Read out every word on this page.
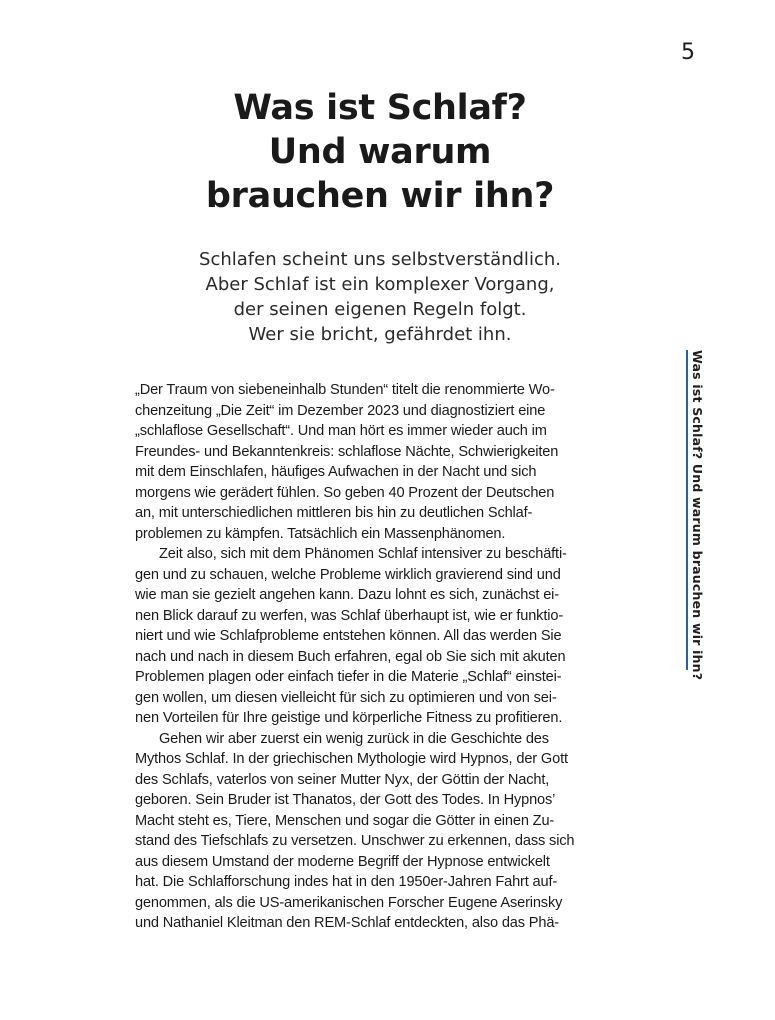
5
Was ist Schlaf?
Und warum
brauchen wir ihn?
Schlafen scheint uns selbstverständlich.
Aber Schlaf ist ein komplexer Vorgang,
der seinen eigenen Regeln folgt.
Wer sie bricht, gefährdet ihn.
Was ist Schlaf? Und warum brauchen wir ihn?
„Der Traum von siebeneinhalb Stunden“ titelt die renommierte Wo-
chenzeitung „Die Zeit“ im Dezember 2023 und diagnostiziert eine
„schlaflose Gesellschaft“. Und man hört es immer wieder auch im
Freundes- und Bekanntenkreis: schlaflose Nächte, Schwierigkeiten
mit dem Einschlafen, häufiges Aufwachen in der Nacht und sich
morgens wie gerädert fühlen. So geben 40 Prozent der Deutschen
an, mit unterschiedlichen mittleren bis hin zu deutlichen Schlaf-
problemen zu kämpfen. Tatsächlich ein Massenphänomen.
Zeit also, sich mit dem Phänomen Schlaf intensiver zu beschäfti-
gen und zu schauen, welche Probleme wirklich gravierend sind und
wie man sie gezielt angehen kann. Dazu lohnt es sich, zunächst ei-
nen Blick darauf zu werfen, was Schlaf überhaupt ist, wie er funktio-
niert und wie Schlafprobleme entstehen können. All das werden Sie
nach und nach in diesem Buch erfahren, egal ob Sie sich mit akuten
Problemen plagen oder einfach tiefer in die Materie „Schlaf“ einstei-
gen wollen, um diesen vielleicht für sich zu optimieren und von sei-
nen Vorteilen für Ihre geistige und körperliche Fitness zu profitieren.
Gehen wir aber zuerst ein wenig zurück in die Geschichte des
Mythos Schlaf. In der griechischen Mythologie wird Hypnos, der Gott
des Schlafs, vaterlos von seiner Mutter Nyx, der Göttin der Nacht,
geboren. Sein Bruder ist Thanatos, der Gott des Todes. In Hypnos’
Macht steht es, Tiere, Menschen und sogar die Götter in einen Zu-
stand des Tiefschlafs zu versetzen. Unschwer zu erkennen, dass sich
aus diesem Umstand der moderne Begriff der Hypnose entwickelt
hat. Die Schlafforschung indes hat in den 1950er-Jahren Fahrt auf-
genommen, als die US-amerikanischen Forscher Eugene Aserinsky
und Nathaniel Kleitman den REM-Schlaf entdeckten, also das Phä-
